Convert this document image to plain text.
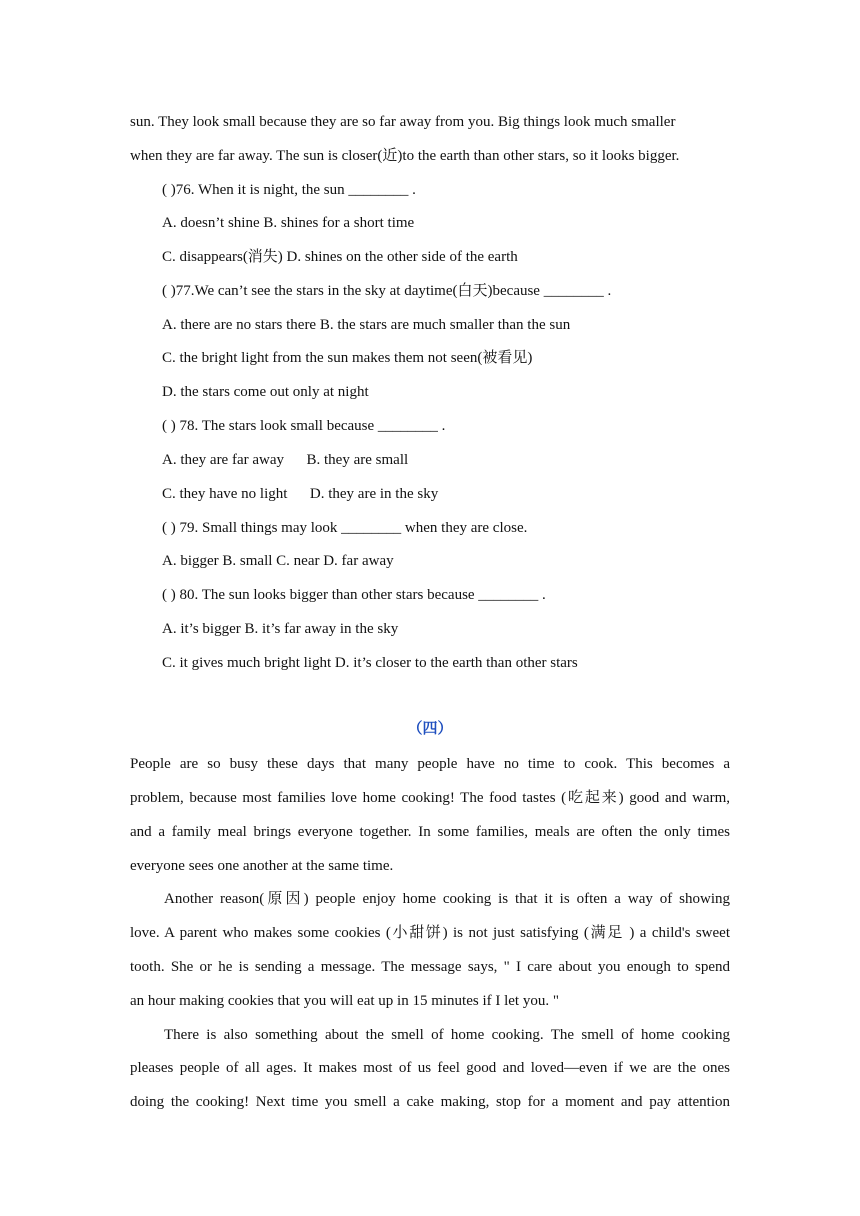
sun. They look small because they are so far away from you. Big things look much smaller
when they are far away. The sun is closer(近)to the earth than other stars, so it looks bigger.
( )76. When it is night, the sun ________ .
A. doesn’t shine B. shines for a short time
C. disappears(消失) D. shines on the other side of the earth
( )77.We can’t see the stars in the sky at daytime(白天)because ________ .
A. there are no stars there B. the stars are much smaller than the sun
C. the bright light from the sun makes them not seen(被看见)
D. the stars come out only at night
( ) 78. The stars look small because ________ .
A. they are far away      B. they are small
C. they have no light      D. they are in the sky
( ) 79. Small things may look ________ when they are close.
A. bigger B. small C. near D. far away
( ) 80. The sun looks bigger than other stars because ________ .
A. it’s bigger B. it’s far away in the sky
C. it gives much bright light D. it’s closer to the earth than other stars
（四）
People are so busy these days that many people have no time to cook. This becomes a
problem, because most families love home cooking! The food tastes (吃起来) good and warm,
and a family meal brings everyone together. In some families, meals are often the only times
everyone sees one another at the same time.
Another reason(原因) people enjoy home cooking is that it is often a way of showing
love. A parent who makes some cookies (小甜饼) is not just satisfying (满足 ) a child's sweet
tooth. She or he is sending a message. The message says, " I care about you enough to spend
an hour making cookies that you will eat up in 15 minutes if I let you. "
There is also something about the smell of home cooking. The smell of home cooking
pleases people of all ages. It makes most of us feel good and loved—even if we are the ones
doing the cooking! Next time you smell a cake making, stop for a moment and pay attention
